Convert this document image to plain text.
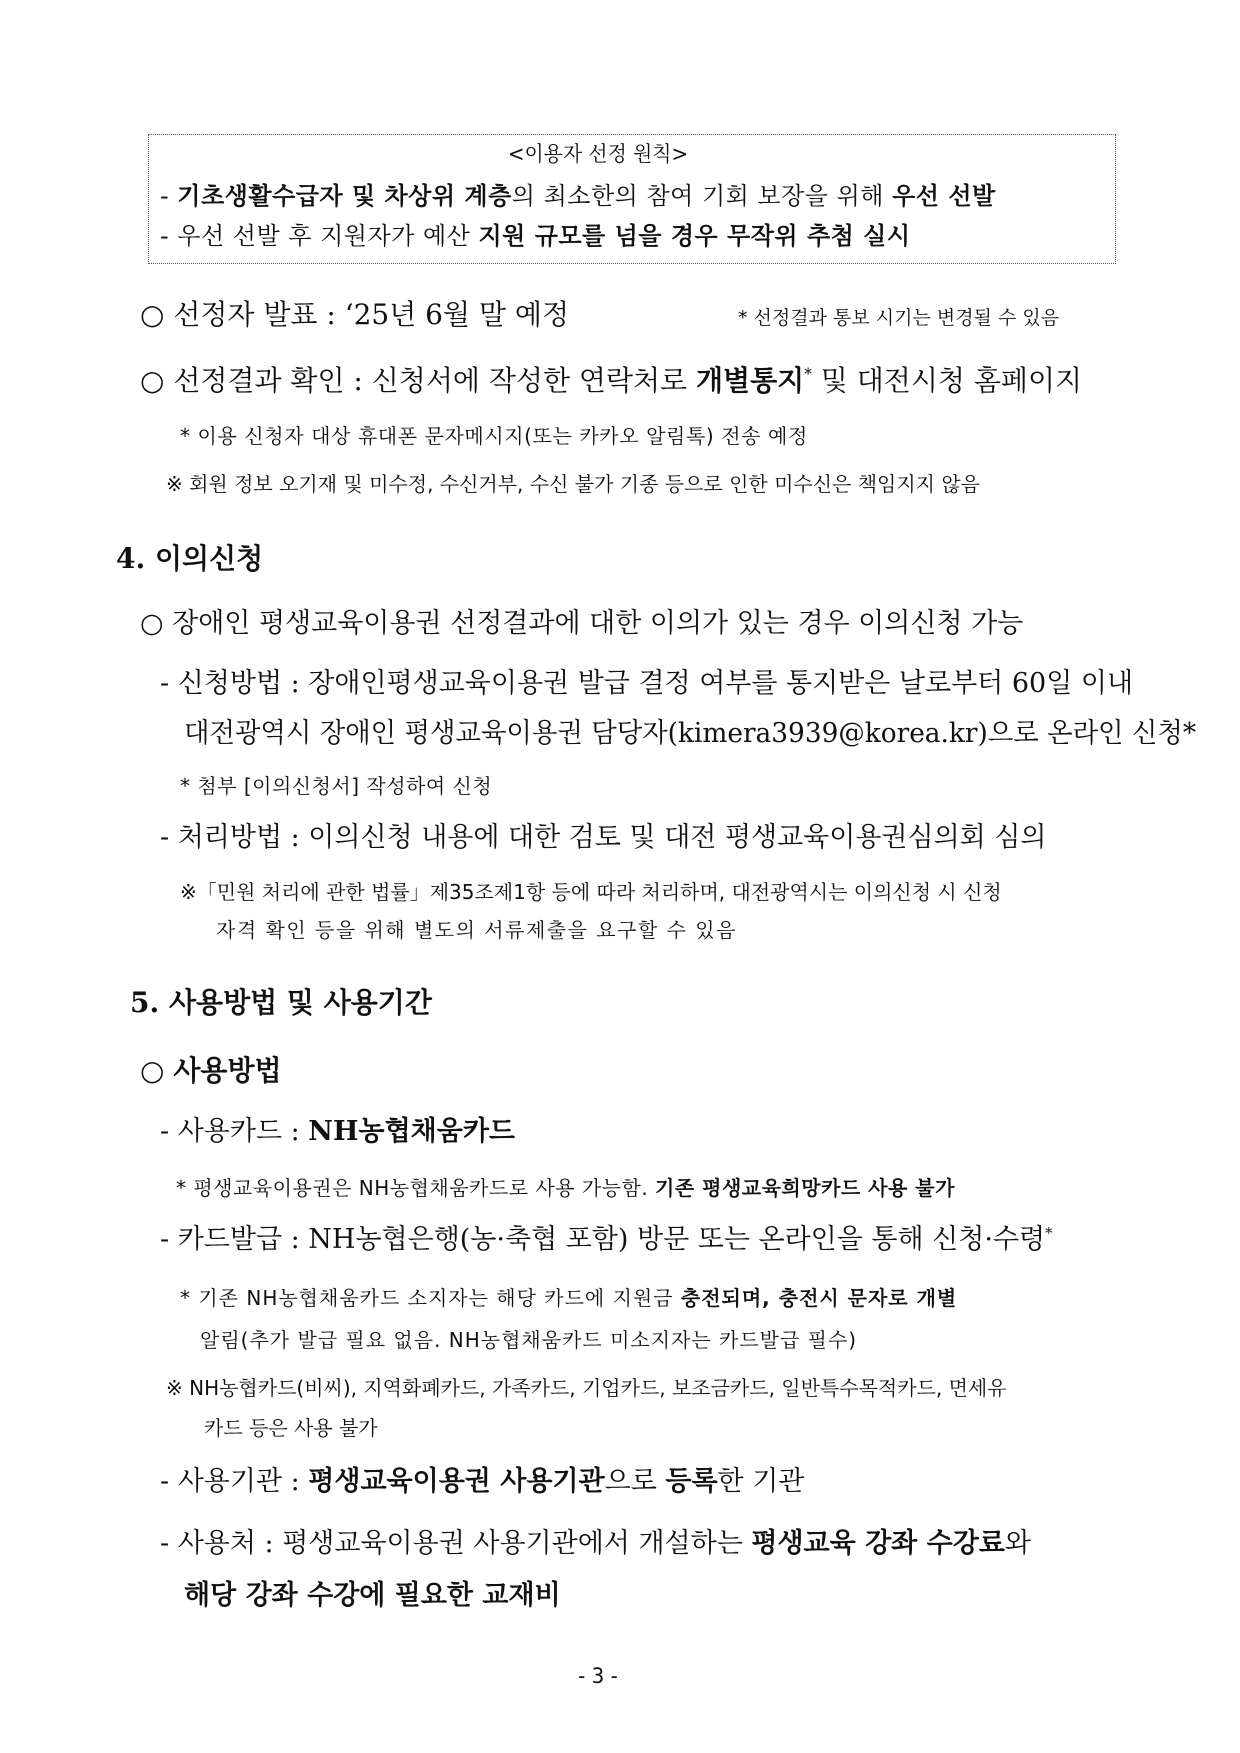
<이용자 선정 원칙>
- 기초생활수급자 및 차상위 계층의 최소한의 참여 기회 보장을 위해 우선 선발
- 우선 선발 후 지원자가 예산 지원 규모를 넘을 경우 무작위 추첨 실시
○ 선정자 발표 : ‘25년 6월 말 예정	* 선정결과 통보 시기는 변경될 수 있음
○ 선정결과 확인 : 신청서에 작성한 연락처로 개별통지* 및 대전시청 홈페이지
* 이용 신청자 대상 휴대폰 문자메시지(또는 카카오 알림톡) 전송 예정
※ 회원 정보 오기재 및 미수정, 수신거부, 수신 불가 기종 등으로 인한 미수신은 책임지지 않음
4. 이의신청
○ 장애인 평생교육이용권 선정결과에 대한 이의가 있는 경우 이의신청 가능
- 신청방법 : 장애인평생교육이용권 발급 결정 여부를 통지받은 날로부터 60일 이내
대전광역시 장애인 평생교육이용권 담당자(kimera3939@korea.kr)으로 온라인 신청*
* 첨부 [이의신청서] 작성하여 신청
- 처리방법 : 이의신청 내용에 대한 검토 및 대전 평생교육이용권심의회 심의
※「민원 처리에 관한 법률」제35조제1항 등에 따라 처리하며, 대전광역시는 이의신청 시 신청
자격 확인 등을 위해 별도의 서류제출을 요구할 수 있음
5. 사용방법 및 사용기간
○ 사용방법
- 사용카드 : NH농협채움카드
* 평생교육이용권은 NH농협채움카드로 사용 가능함. 기존 평생교육희망카드 사용 불가
- 카드발급 : NH농협은행(농·축협 포함) 방문 또는 온라인을 통해 신청·수령*
* 기존 NH농협채움카드 소지자는 해당 카드에 지원금 충전되며, 충전시 문자로 개별
알림(추가 발급 필요 없음. NH농협채움카드 미소지자는 카드발급 필수)
※ NH농협카드(비씨), 지역화폐카드, 가족카드, 기업카드, 보조금카드, 일반특수목적카드, 면세유
카드 등은 사용 불가
- 사용기관 : 평생교육이용권 사용기관으로 등록한 기관
- 사용처 : 평생교육이용권 사용기관에서 개설하는 평생교육 강좌 수강료와
해당 강좌 수강에 필요한 교재비
- 3 -
